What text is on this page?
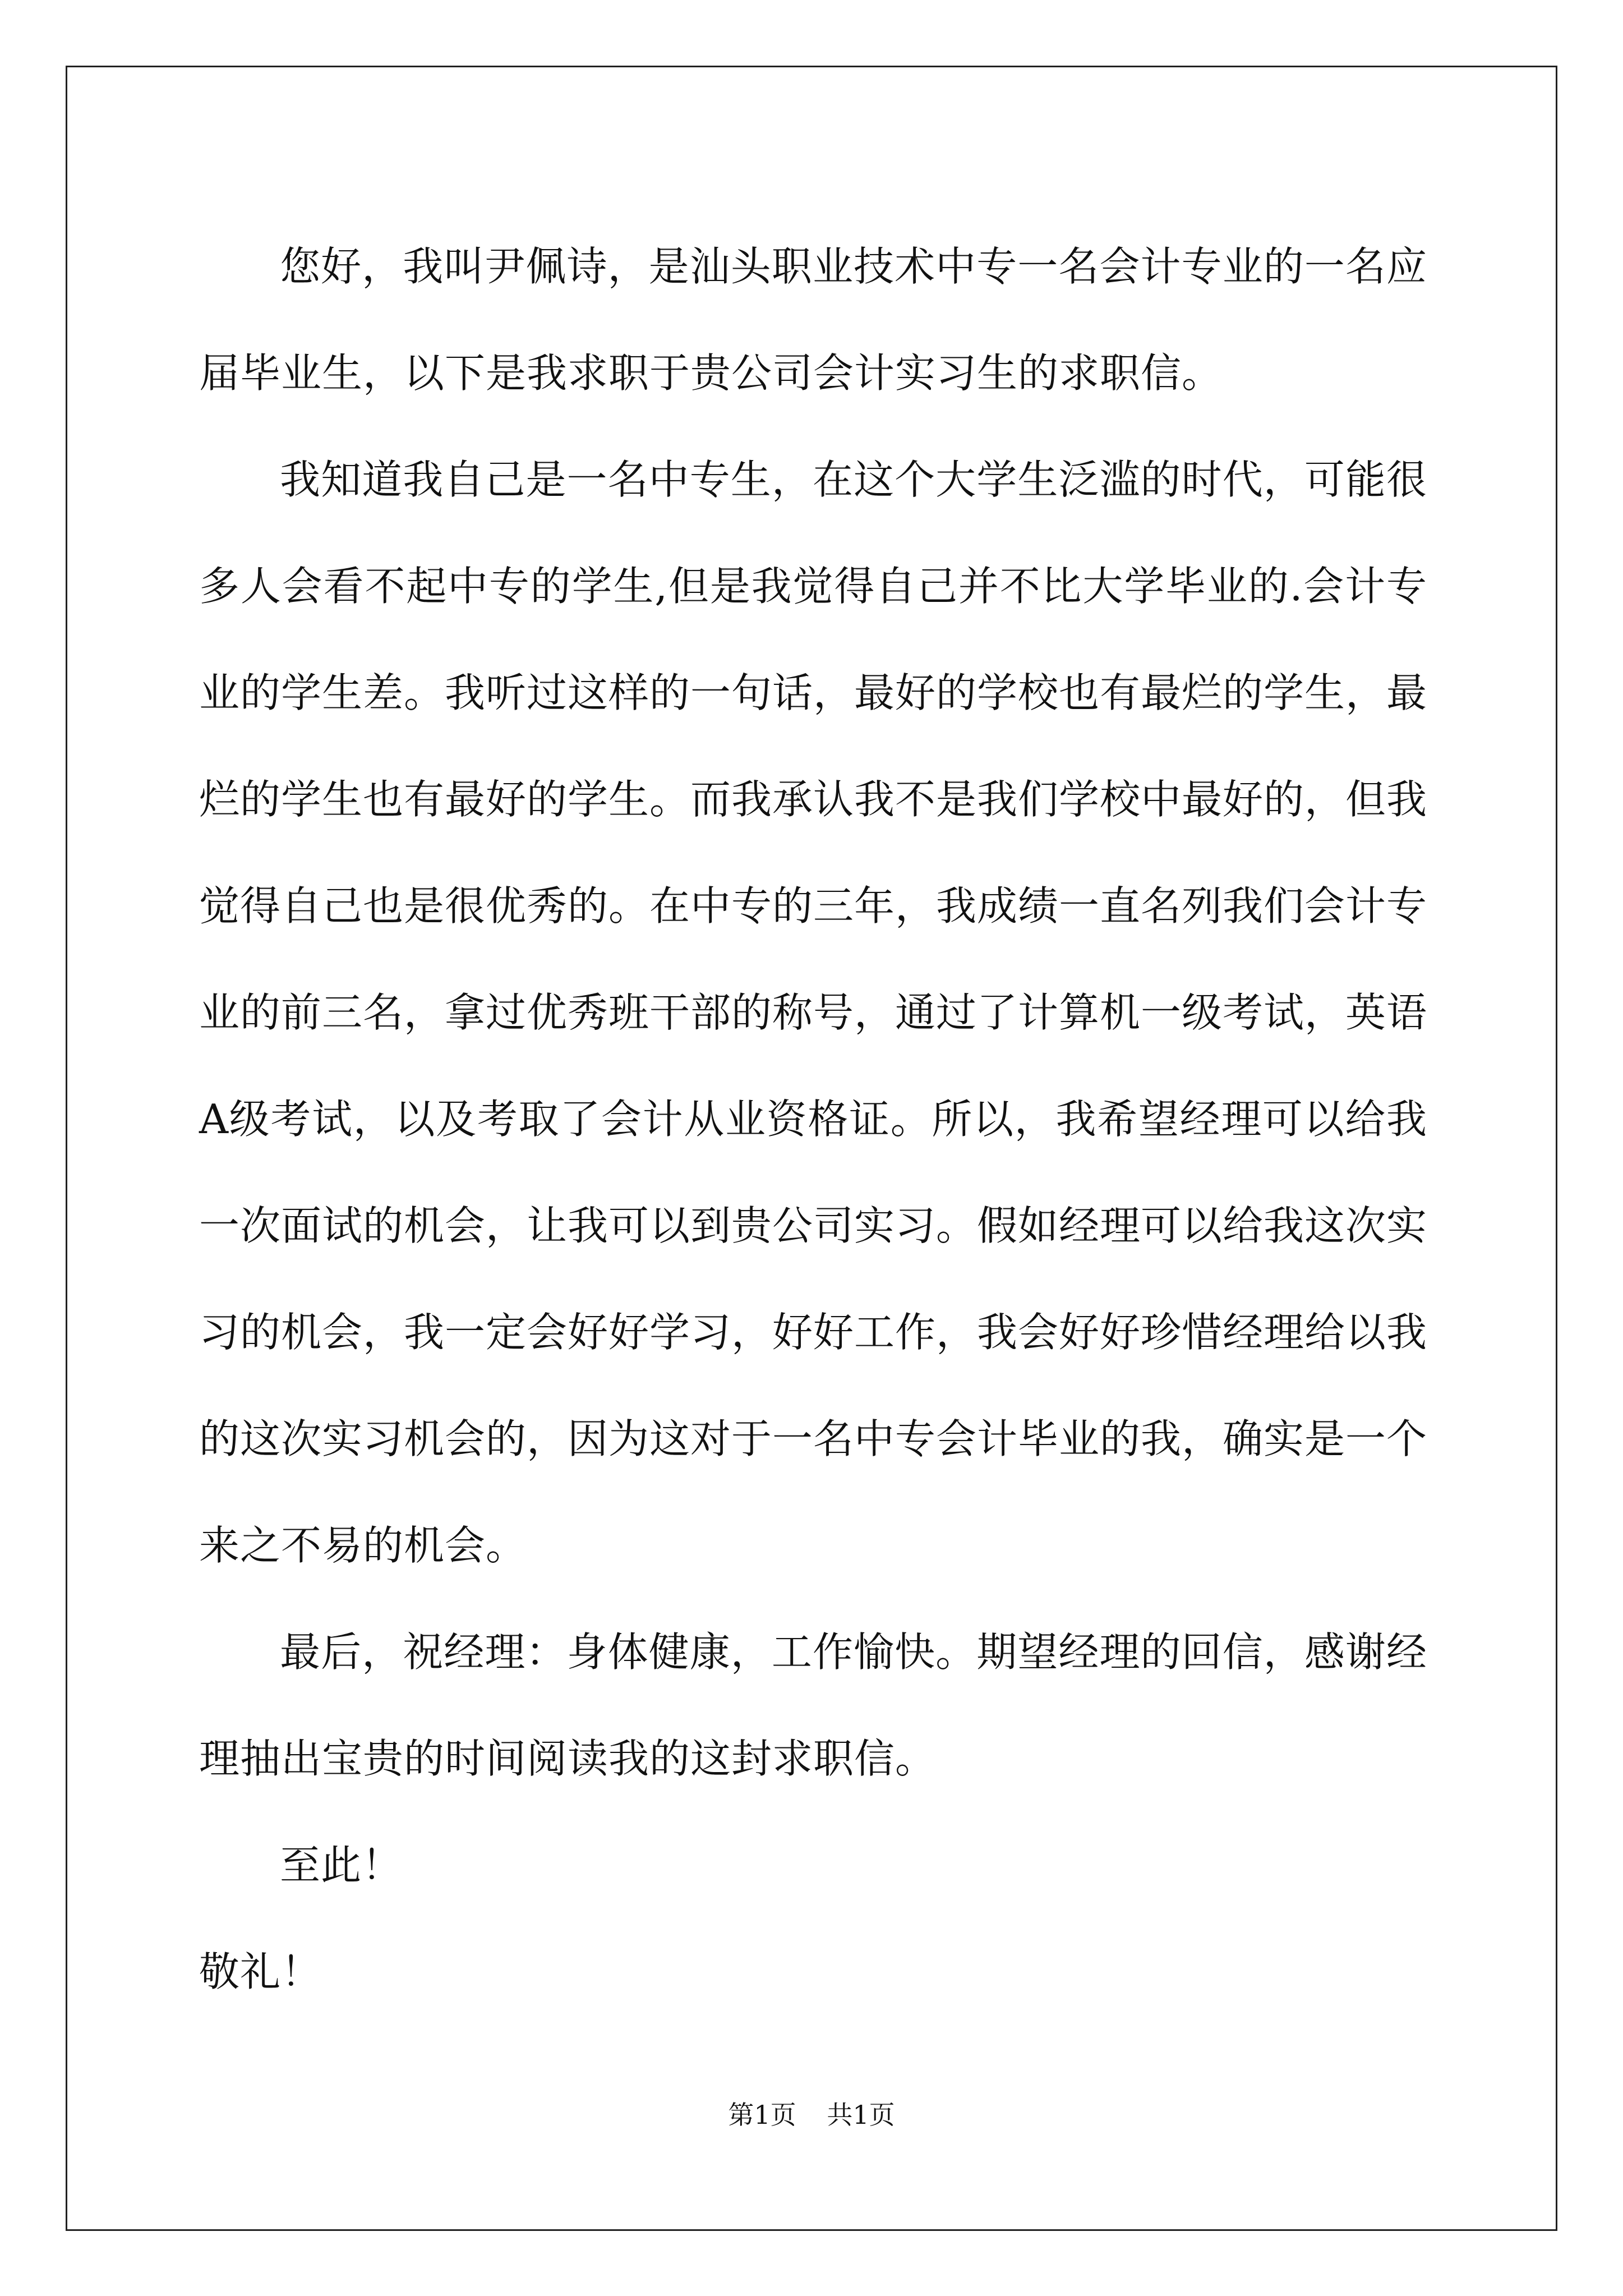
您好，我叫尹佩诗，是汕头职业技术中专一名会计专业的一名应届毕业生，以下是我求职于贵公司会计实习生的求职信。

我知道我自己是一名中专生，在这个大学生泛滥的时代，可能很多人会看不起中专的学生,但是我觉得自己并不比大学毕业的.会计专业的学生差。我听过这样的一句话，最好的学校也有最烂的学生，最烂的学生也有最好的学生。而我承认我不是我们学校中最好的，但我觉得自己也是很优秀的。在中专的三年，我成绩一直名列我们会计专业的前三名，拿过优秀班干部的称号，通过了计算机一级考试，英语A级考试，以及考取了会计从业资格证。所以，我希望经理可以给我一次面试的机会，让我可以到贵公司实习。假如经理可以给我这次实习的机会，我一定会好好学习，好好工作，我会好好珍惜经理给以我的这次实习机会的，因为这对于一名中专会计毕业的我，确实是一个来之不易的机会。

最后，祝经理：身体健康，工作愉快。期望经理的回信，感谢经理抽出宝贵的时间阅读我的这封求职信。

至此！

敬礼！

第1页 共1页
